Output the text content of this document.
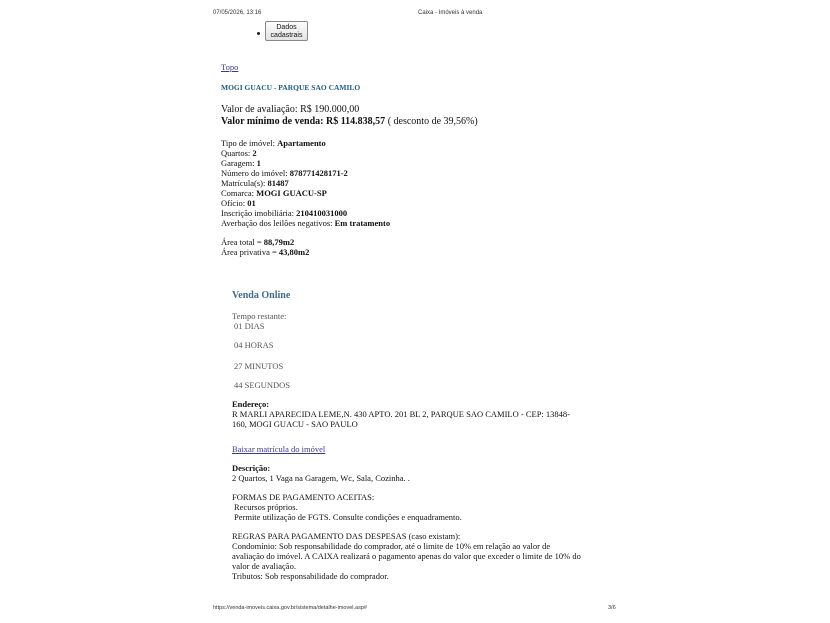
07/05/2026, 13:16	Caixa - Imóveis à venda
Dados cadastrais
Topo
MOGI GUACU - PARQUE SAO CAMILO
Valor de avaliação: R$ 190.000,00
Valor mínimo de venda: R$ 114.838,57 ( desconto de 39,56%)
Tipo de imóvel: Apartamento
Quartos: 2
Garagem: 1
Número do imóvel: 878771428171-2
Matrícula(s): 81487
Comarca: MOGI GUACU-SP
Ofício: 01
Inscrição imobiliária: 210410031000
Averbação dos leilões negativos: Em tratamento
Área total = 88,79m2
Área privativa = 43,80m2
Venda Online
Tempo restante:
01 DIAS
04 HORAS
27 MINUTOS
44 SEGUNDOS
Endereço:
R MARLI APARECIDA LEME,N. 430 APTO. 201 BL 2, PARQUE SAO CAMILO - CEP: 13848-
160, MOGI GUACU - SAO PAULO
Baixar matrícula do imóvel
Descrição:
2 Quartos, 1 Vaga na Garagem, Wc, Sala, Cozinha. .
FORMAS DE PAGAMENTO ACEITAS:
Recursos próprios.
Permite utilização de FGTS. Consulte condições e enquadramento.
REGRAS PARA PAGAMENTO DAS DESPESAS (caso existam):
Condomínio: Sob responsabilidade do comprador, até o limite de 10% em relação ao valor de
avaliação do imóvel. A CAIXA realizará o pagamento apenas do valor que exceder o limite de 10% do
valor de avaliação.
Tributos: Sob responsabilidade do comprador.
https://venda-imoveis.caixa.gov.br/sistema/detalhe-imovel.asp#	3/6
